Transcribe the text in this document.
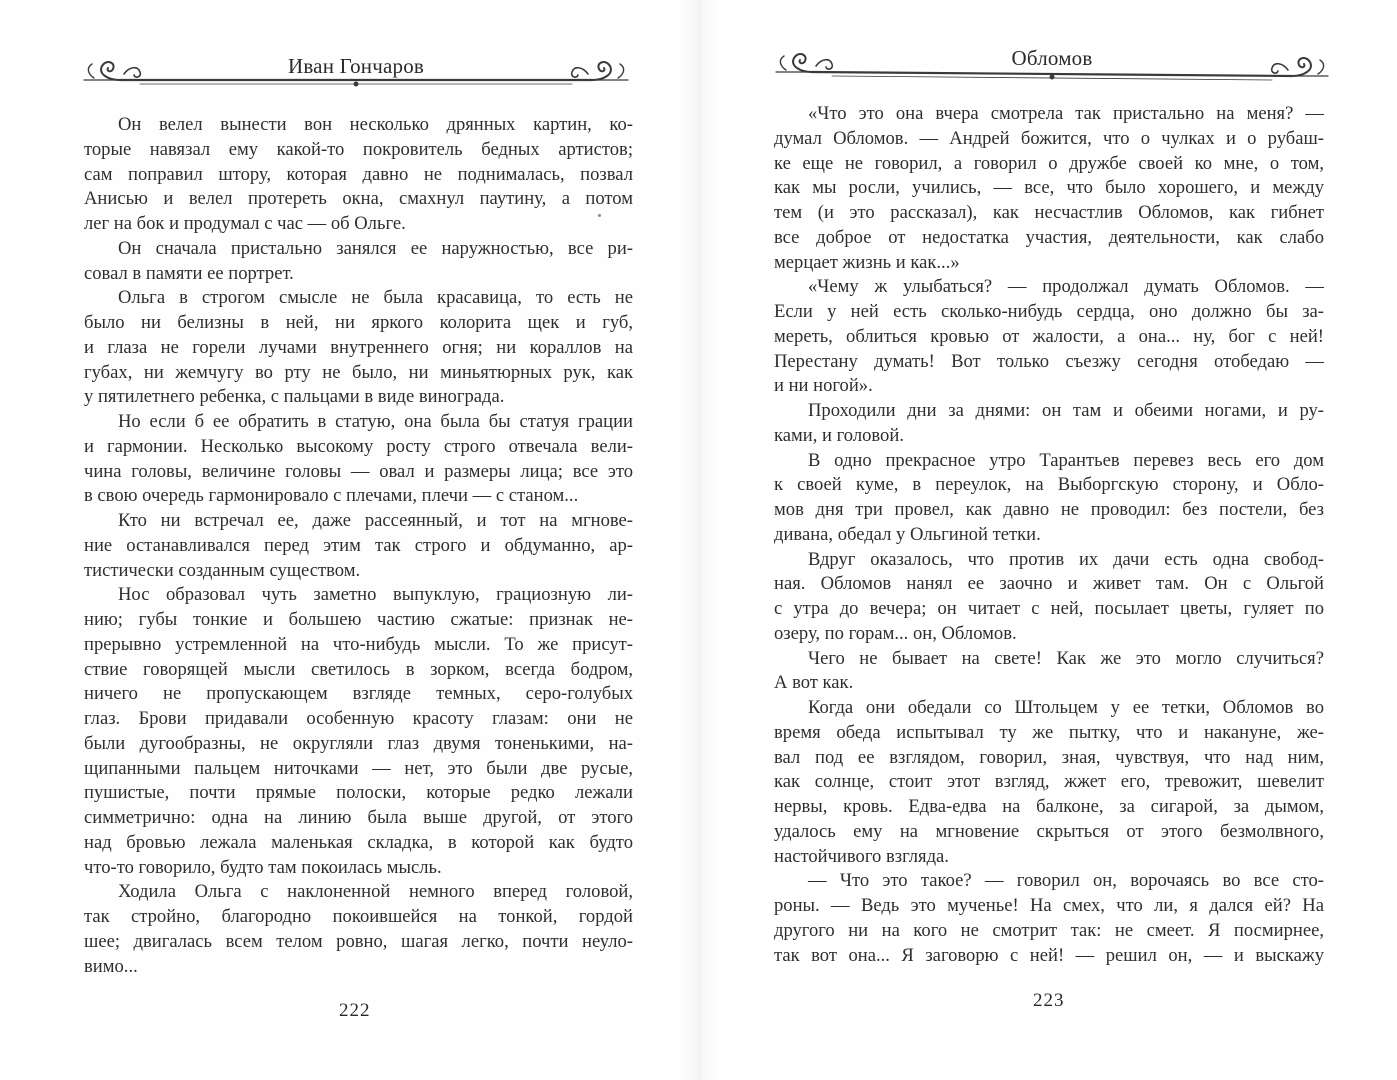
Иван Гончаров
Он велел вынести вон несколько дрянных картин, ко-
торые навязал ему какой-то покровитель бедных артистов;
сам поправил штору, которая давно не поднималась, позвал
Анисью и велел протереть окна, смахнул паутину, а потом
лег на бок и продумал с час — об Ольге.
Он сначала пристально занялся ее наружностью, все ри-
совал в памяти ее портрет.
Ольга в строгом смысле не была красавица, то есть не
было ни белизны в ней, ни яркого колорита щек и губ,
и глаза не горели лучами внутреннего огня; ни кораллов на
губах, ни жемчугу во рту не было, ни миньятюрных рук, как
у пятилетнего ребенка, с пальцами в виде винограда.
Но если б ее обратить в статую, она была бы статуя грации
и гармонии. Несколько высокому росту строго отвечала вели-
чина головы, величине головы — овал и размеры лица; все это
в свою очередь гармонировало с плечами, плечи — с станом...
Кто ни встречал ее, даже рассеянный, и тот на мгнове-
ние останавливался перед этим так строго и обдуманно, ар-
тистически созданным существом.
Нос образовал чуть заметно выпуклую, грациозную ли-
нию; губы тонкие и большею частию сжатые: признак не-
прерывно устремленной на что-нибудь мысли. То же присут-
ствие говорящей мысли светилось в зорком, всегда бодром,
ничего не пропускающем взгляде темных, серо-голубых
глаз. Брови придавали особенную красоту глазам: они не
были дугообразны, не округляли глаз двумя тоненькими, на-
щипанными пальцем ниточками — нет, это были две русые,
пушистые, почти прямые полоски, которые редко лежали
симметрично: одна на линию была выше другой, от этого
над бровью лежала маленькая складка, в которой как будто
что-то говорило, будто там покоилась мысль.
Ходила Ольга с наклоненной немного вперед головой,
так стройно, благородно покоившейся на тонкой, гордой
шее; двигалась всем телом ровно, шагая легко, почти неуло-
вимо...
222
Обломов
«Что это она вчера смотрела так пристально на меня? —
думал Обломов. — Андрей божится, что о чулках и о рубаш-
ке еще не говорил, а говорил о дружбе своей ко мне, о том,
как мы росли, учились, — все, что было хорошего, и между
тем (и это рассказал), как несчастлив Обломов, как гибнет
все доброе от недостатка участия, деятельности, как слабо
мерцает жизнь и как...»
«Чему ж улыбаться? — продолжал думать Обломов. —
Если у ней есть сколько-нибудь сердца, оно должно бы за-
мереть, облиться кровью от жалости, а она... ну, бог с ней!
Перестану думать! Вот только съезжу сегодня отобедаю —
и ни ногой».
Проходили дни за днями: он там и обеими ногами, и ру-
ками, и головой.
В одно прекрасное утро Тарантьев перевез весь его дом
к своей куме, в переулок, на Выборгскую сторону, и Обло-
мов дня три провел, как давно не проводил: без постели, без
дивана, обедал у Ольгиной тетки.
Вдруг оказалось, что против их дачи есть одна свобод-
ная. Обломов нанял ее заочно и живет там. Он с Ольгой
с утра до вечера; он читает с ней, посылает цветы, гуляет по
озеру, по горам... он, Обломов.
Чего не бывает на свете! Как же это могло случиться?
А вот как.
Когда они обедали со Штольцем у ее тетки, Обломов во
время обеда испытывал ту же пытку, что и накануне, же-
вал под ее взглядом, говорил, зная, чувствуя, что над ним,
как солнце, стоит этот взгляд, жжет его, тревожит, шевелит
нервы, кровь. Едва-едва на балконе, за сигарой, за дымом,
удалось ему на мгновение скрыться от этого безмолвного,
настойчивого взгляда.
— Что это такое? — говорил он, ворочаясь во все сто-
роны. — Ведь это мученье! На смех, что ли, я дался ей? На
другого ни на кого не смотрит так: не смеет. Я посмирнее,
так вот она... Я заговорю с ней! — решил он, — и выскажу
223
